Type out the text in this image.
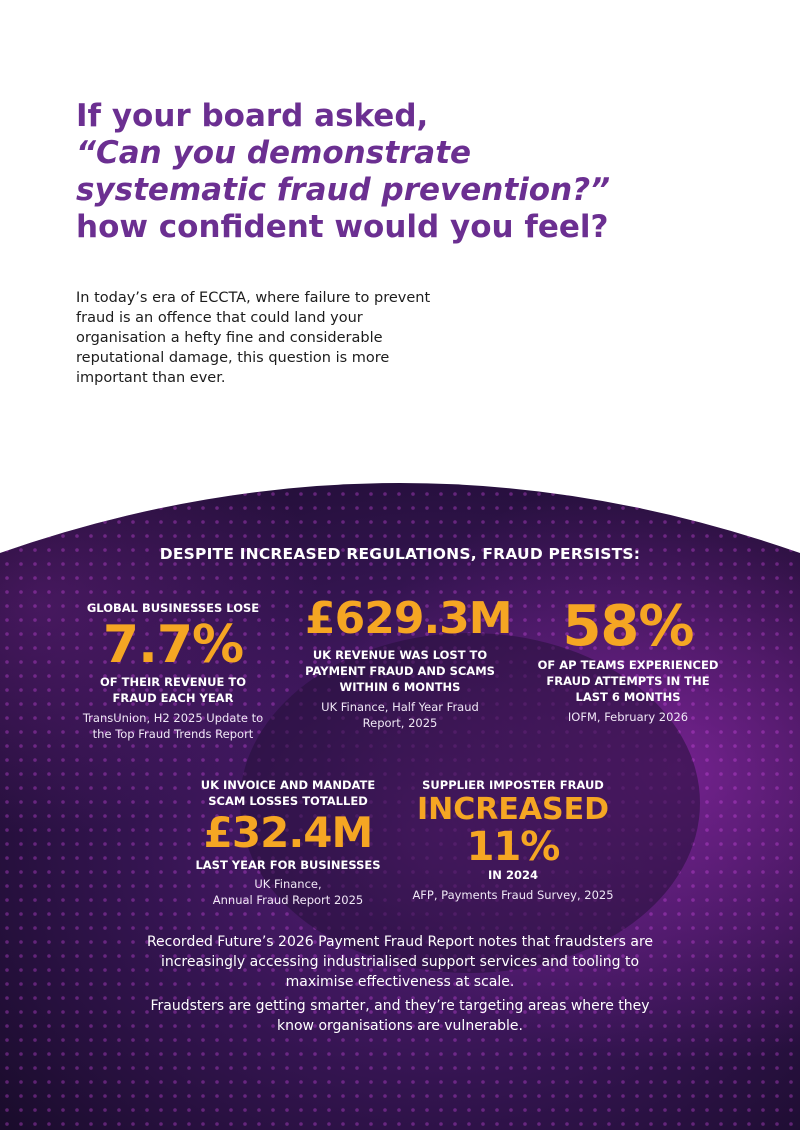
If your board asked,
“Can you demonstrate
systematic fraud prevention?”
how confident would you feel?

In today’s era of ECCTA, where failure to prevent fraud is an offence that could land your organisation a hefty fine and considerable reputational damage, this question is more important than ever.

DESPITE INCREASED REGULATIONS, FRAUD PERSISTS:
GLOBAL BUSINESSES LOSE
7.7%
OF THEIR REVENUE TO FRAUD EACH YEAR
TransUnion, H2 2025 Update to the Top Fraud Trends Report
£629.3M
UK REVENUE WAS LOST TO PAYMENT FRAUD AND SCAMS WITHIN 6 MONTHS
UK Finance, Half Year Fraud Report, 2025
58%
OF AP TEAMS EXPERIENCED FRAUD ATTEMPTS IN THE LAST 6 MONTHS
IOFM, February 2026
UK INVOICE AND MANDATE SCAM LOSSES TOTALLED
£32.4M
LAST YEAR FOR BUSINESSES
UK Finance,
Annual Fraud Report 2025
SUPPLIER IMPOSTER FRAUD
INCREASED
11%
IN 2024
AFP, Payments Fraud Survey, 2025

Recorded Future’s 2026 Payment Fraud Report notes that fraudsters are increasingly accessing industrialised support services and tooling to maximise effectiveness at scale.

Fraudsters are getting smarter, and they’re targeting areas where they know organisations are vulnerable.
